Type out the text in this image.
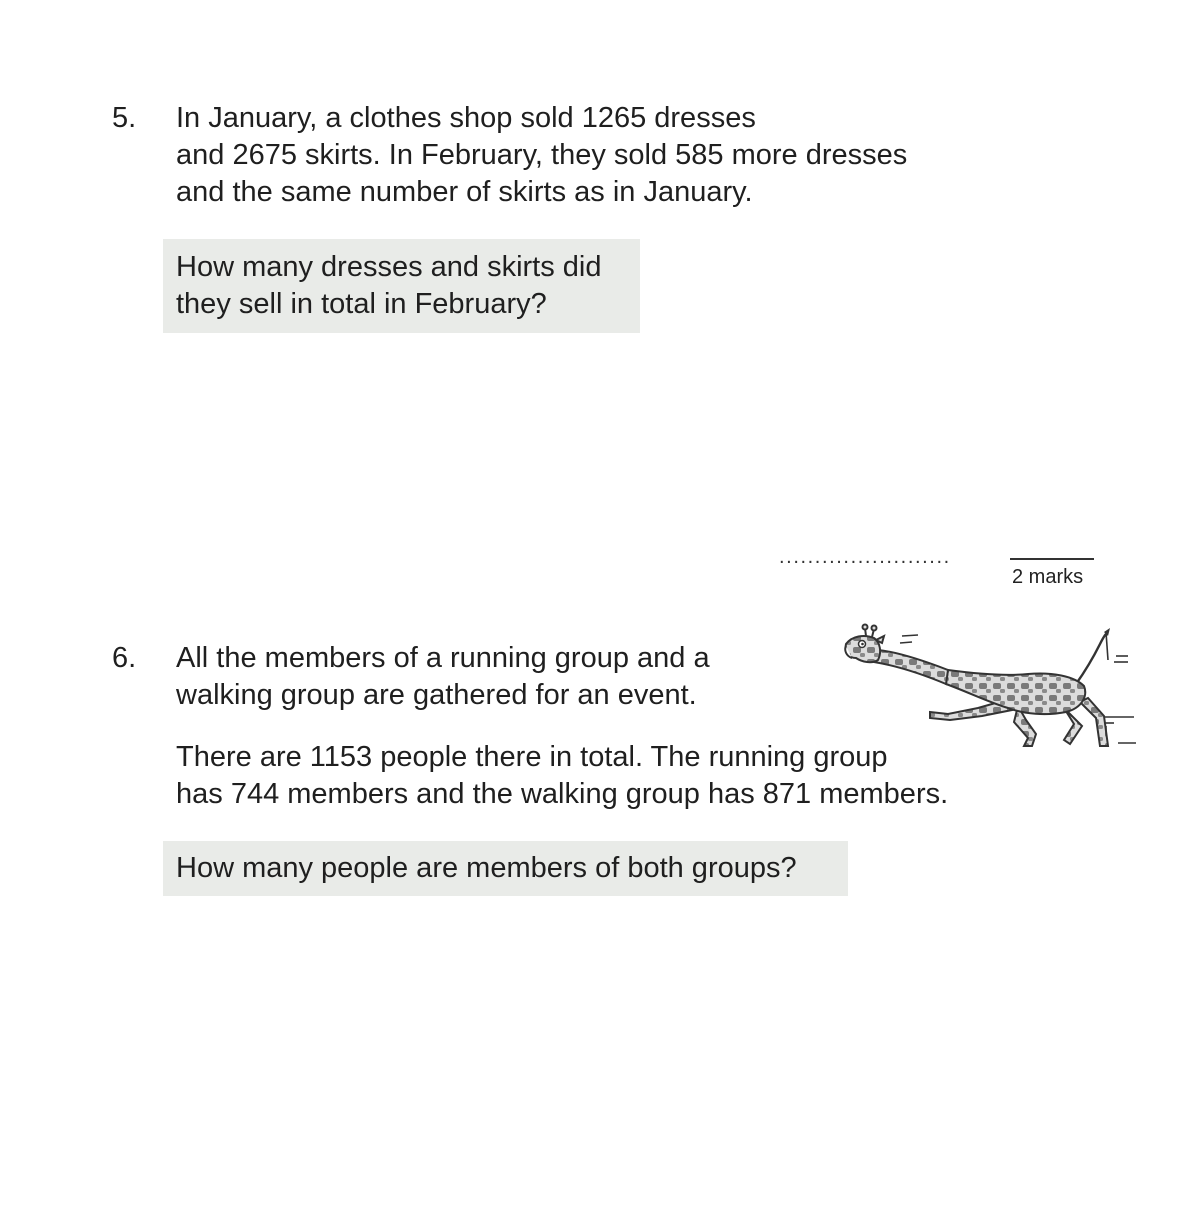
5. In January, a clothes shop sold 1265 dresses
and 2675 skirts. In February, they sold 585 more dresses
and the same number of skirts as in January.
How many dresses and skirts did
they sell in total in February?
........................
2 marks
6. All the members of a running group and a
walking group are gathered for an event.
There are 1153 people there in total. The running group
has 744 members and the walking group has 871 members.
How many people are members of both groups?
